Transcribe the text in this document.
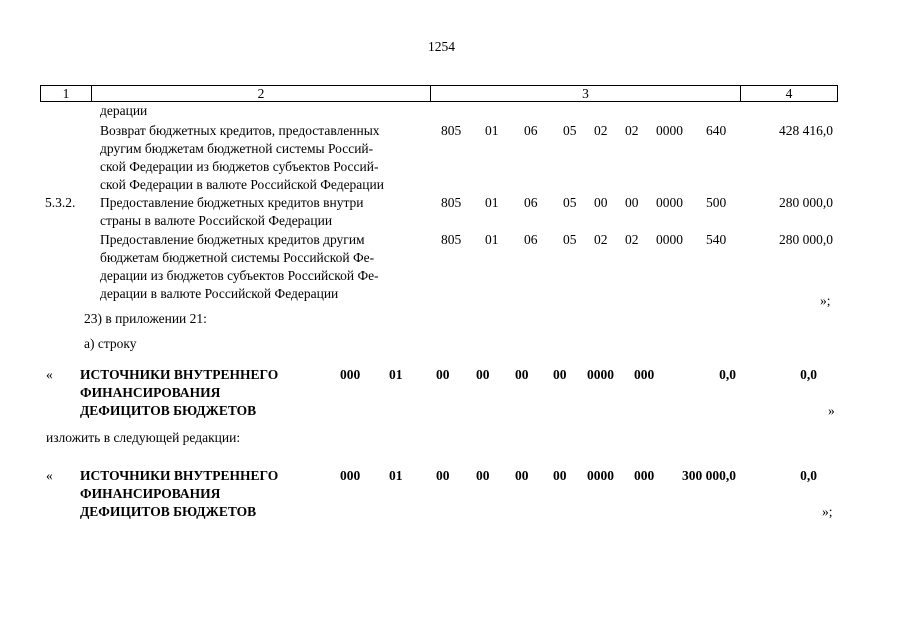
1254
1	2	3	4
дерации
Возврат бюджетных кредитов, предоставленных
другим бюджетам бюджетной системы Россий-
ской Федерации из бюджетов субъектов Россий-
ской Федерации в валюте Российской Федерации
805 01 06 05 02 02 0000 640	428 416,0
5.3.2. Предоставление бюджетных кредитов внутри
страны в валюте Российской Федерации
805 01 06 05 00 00 0000 500	280 000,0
Предоставление бюджетных кредитов другим
бюджетам бюджетной системы Российской Фе-
дерации из бюджетов субъектов Российской Фе-
дерации в валюте Российской Федерации
805 01 06 05 02 02 0000 540	280 000,0
»;
23) в приложении 21:
а) строку
« ИСТОЧНИКИ ВНУТРЕННЕГО
ФИНАНСИРОВАНИЯ
ДЕФИЦИТОВ БЮДЖЕТОВ
000 01 00 00 00 00 0000 000	0,0	0,0
»
изложить в следующей редакции:
« ИСТОЧНИКИ ВНУТРЕННЕГО
ФИНАНСИРОВАНИЯ
ДЕФИЦИТОВ БЮДЖЕТОВ
000 01 00 00 00 00 0000 000 300 000,0	0,0
»;
